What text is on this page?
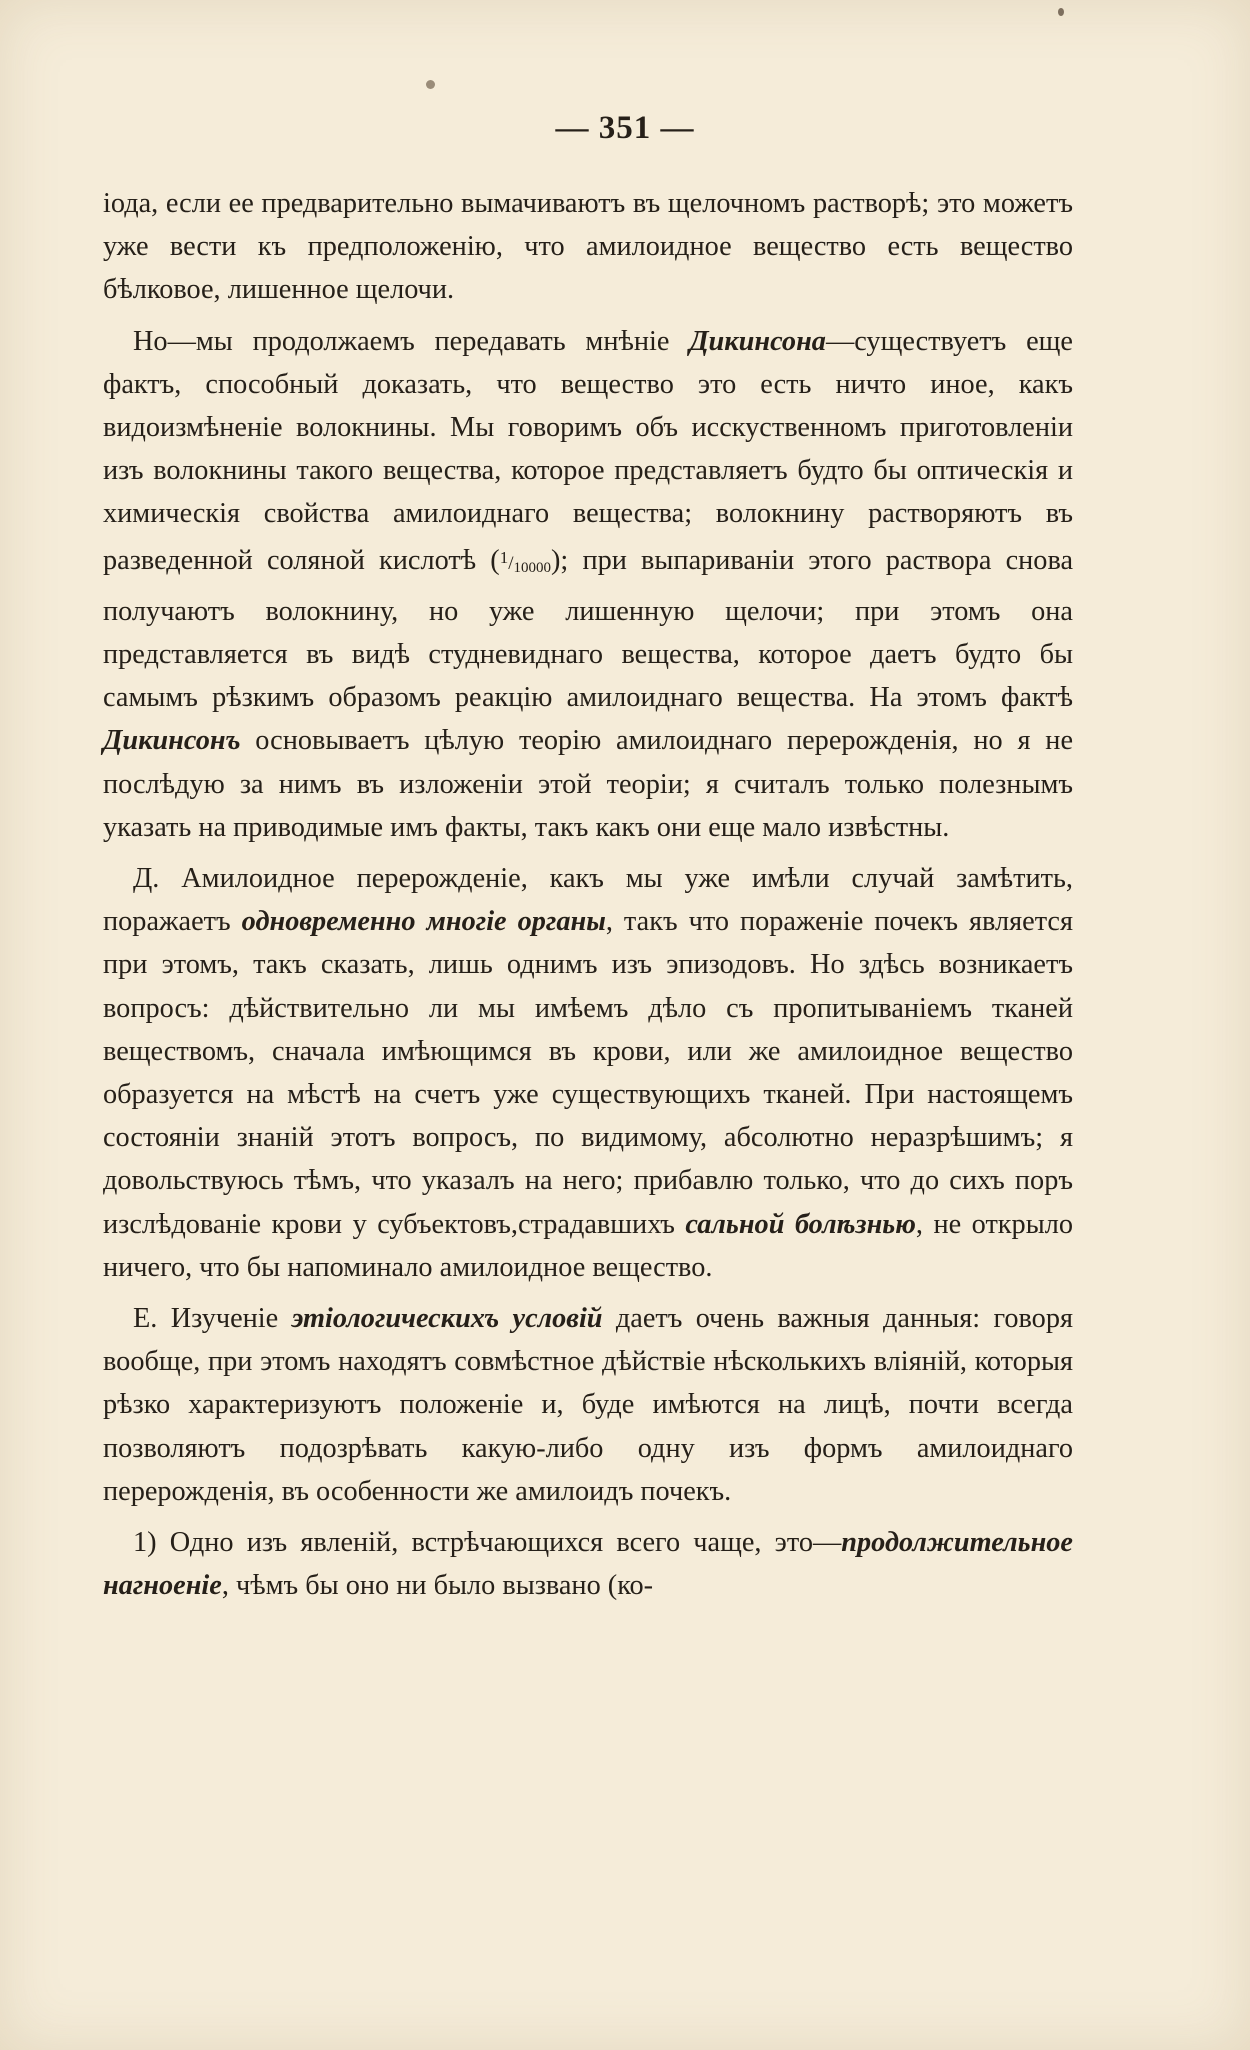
— 351 —

іода, если ее предварительно вымачиваютъ въ щелочномъ растворѣ; это можетъ уже вести къ предположенію, что амилоидное вещество есть вещество бѣлковое, лишенное щелочи.

Но—мы продолжаемъ передавать мнѣніе Дикинсона—существуетъ еще фактъ, способный доказать, что вещество это есть ничто иное, какъ видоизмѣненіе волокнины. Мы говоримъ объ исскуственномъ приготовленіи изъ волокнины такого вещества, которое представляетъ будто бы оптическія и химическія свойства амилоиднаго вещества; волокнину растворяютъ въ разведенной соляной кислотѣ $(^1/_{10000})$; при выпариваніи этого раствора снова получаютъ волокнину, но уже лишенную щелочи; при этомъ она представляется въ видѣ студневиднаго вещества, которое даетъ будто бы самымъ рѣзкимъ образомъ реакцію амилоиднаго вещества. На этомъ фактѣ Дикинсонъ основываетъ цѣлую теорію амилоиднаго перерожденія, но я не послѣдую за нимъ въ изложеніи этой теоріи; я считалъ только полезнымъ указать на приводимые имъ факты, такъ какъ они еще мало извѣстны.

Д. Амилоидное перерожденіе, какъ мы уже имѣли случай замѣтить, поражаетъ одновременно многіе органы, такъ что пораженіе почекъ является при этомъ, такъ сказать, лишь однимъ изъ эпизодовъ. Но здѣсь возникаетъ вопросъ: дѣйствительно ли мы имѣемъ дѣло съ пропитываніемъ тканей веществомъ, сначала имѣющимся въ крови, или же амилоидное вещество образуется на мѣстѣ на счетъ уже существующихъ тканей. При настоящемъ состояніи знаній этотъ вопросъ, по видимому, абсолютно неразрѣшимъ; я довольствуюсь тѣмъ, что указалъ на него; прибавлю только, что до сихъ поръ изслѣдованіе крови у субъектовъ,страдавшихъ сальной болѣзнью, не открыло ничего, что бы напоминало амилоидное вещество.

Е. Изученіе этіологическихъ условій даетъ очень важныя данныя: говоря вообще, при этомъ находятъ совмѣстное дѣйствіе нѣсколькихъ вліяній, которыя рѣзко характеризуютъ положеніе и, буде имѣются на лицѣ, почти всегда позволяютъ подозрѣвать какую-либо одну изъ формъ амилоиднаго перерожденія, въ особенности же амилоидъ почекъ.

1) Одно изъ явленій, встрѣчающихся всего чаще, это—продолжительное нагноеніе, чѣмъ бы оно ни было вызвано (ко-
